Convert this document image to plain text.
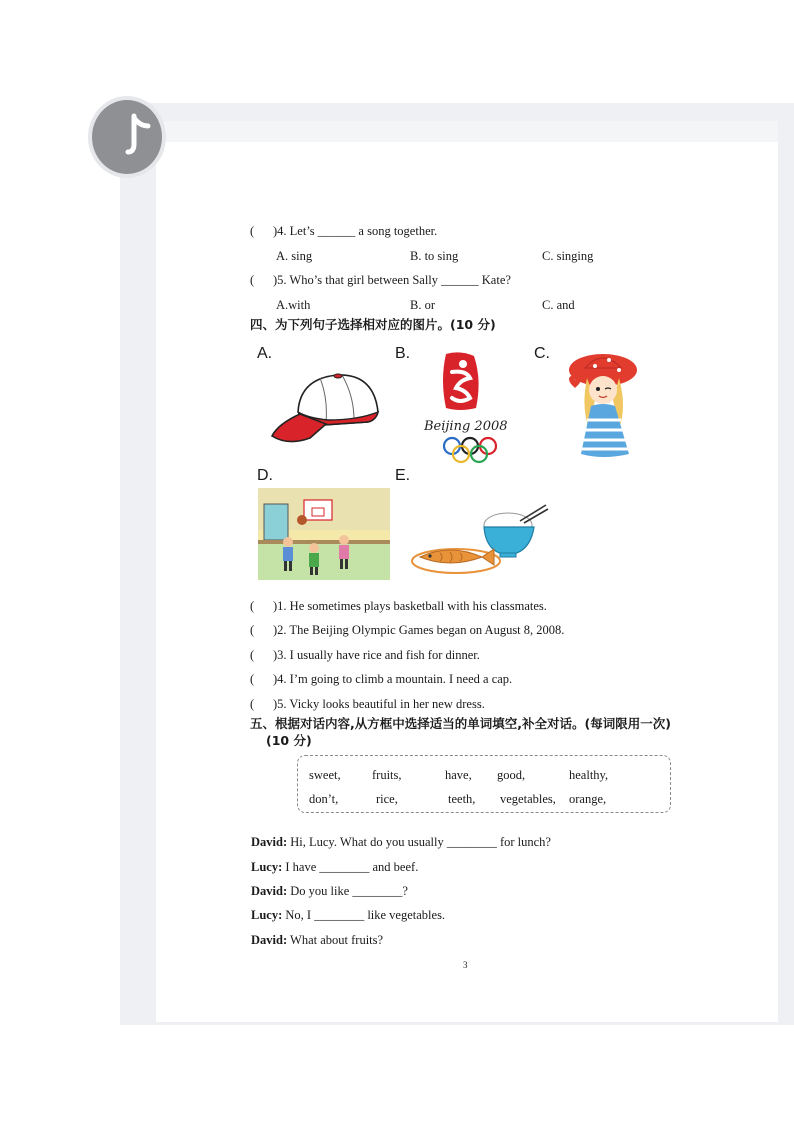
( )4. Let’s ______ a song together.
A. sing	B. to sing	C. singing
( )5. Who’s that girl between Sally ______ Kate?
A.with	B. or	C. and
四、为下列句子选择相对应的图片。(10 分)
A.	B.	C.
D.	E.
Beijing 2008
( )1. He sometimes plays basketball with his classmates.
( )2. The Beijing Olympic Games began on August 8, 2008.
( )3. I usually have rice and fish for dinner.
( )4. I’m going to climb a mountain. I need a cap.
( )5. Vicky looks beautiful in her new dress.
五、根据对话内容,从方框中选择适当的单词填空,补全对话。(每词限用一次)
(10 分)
sweet,	fruits,	have, good,	healthy,
don’t,	rice,	teeth, vegetables, orange,
David: Hi, Lucy. What do you usually ________ for lunch?
Lucy: I have ________ and beef.
David: Do you like ________?
Lucy: No, I ________ like vegetables.
David: What about fruits?
3
